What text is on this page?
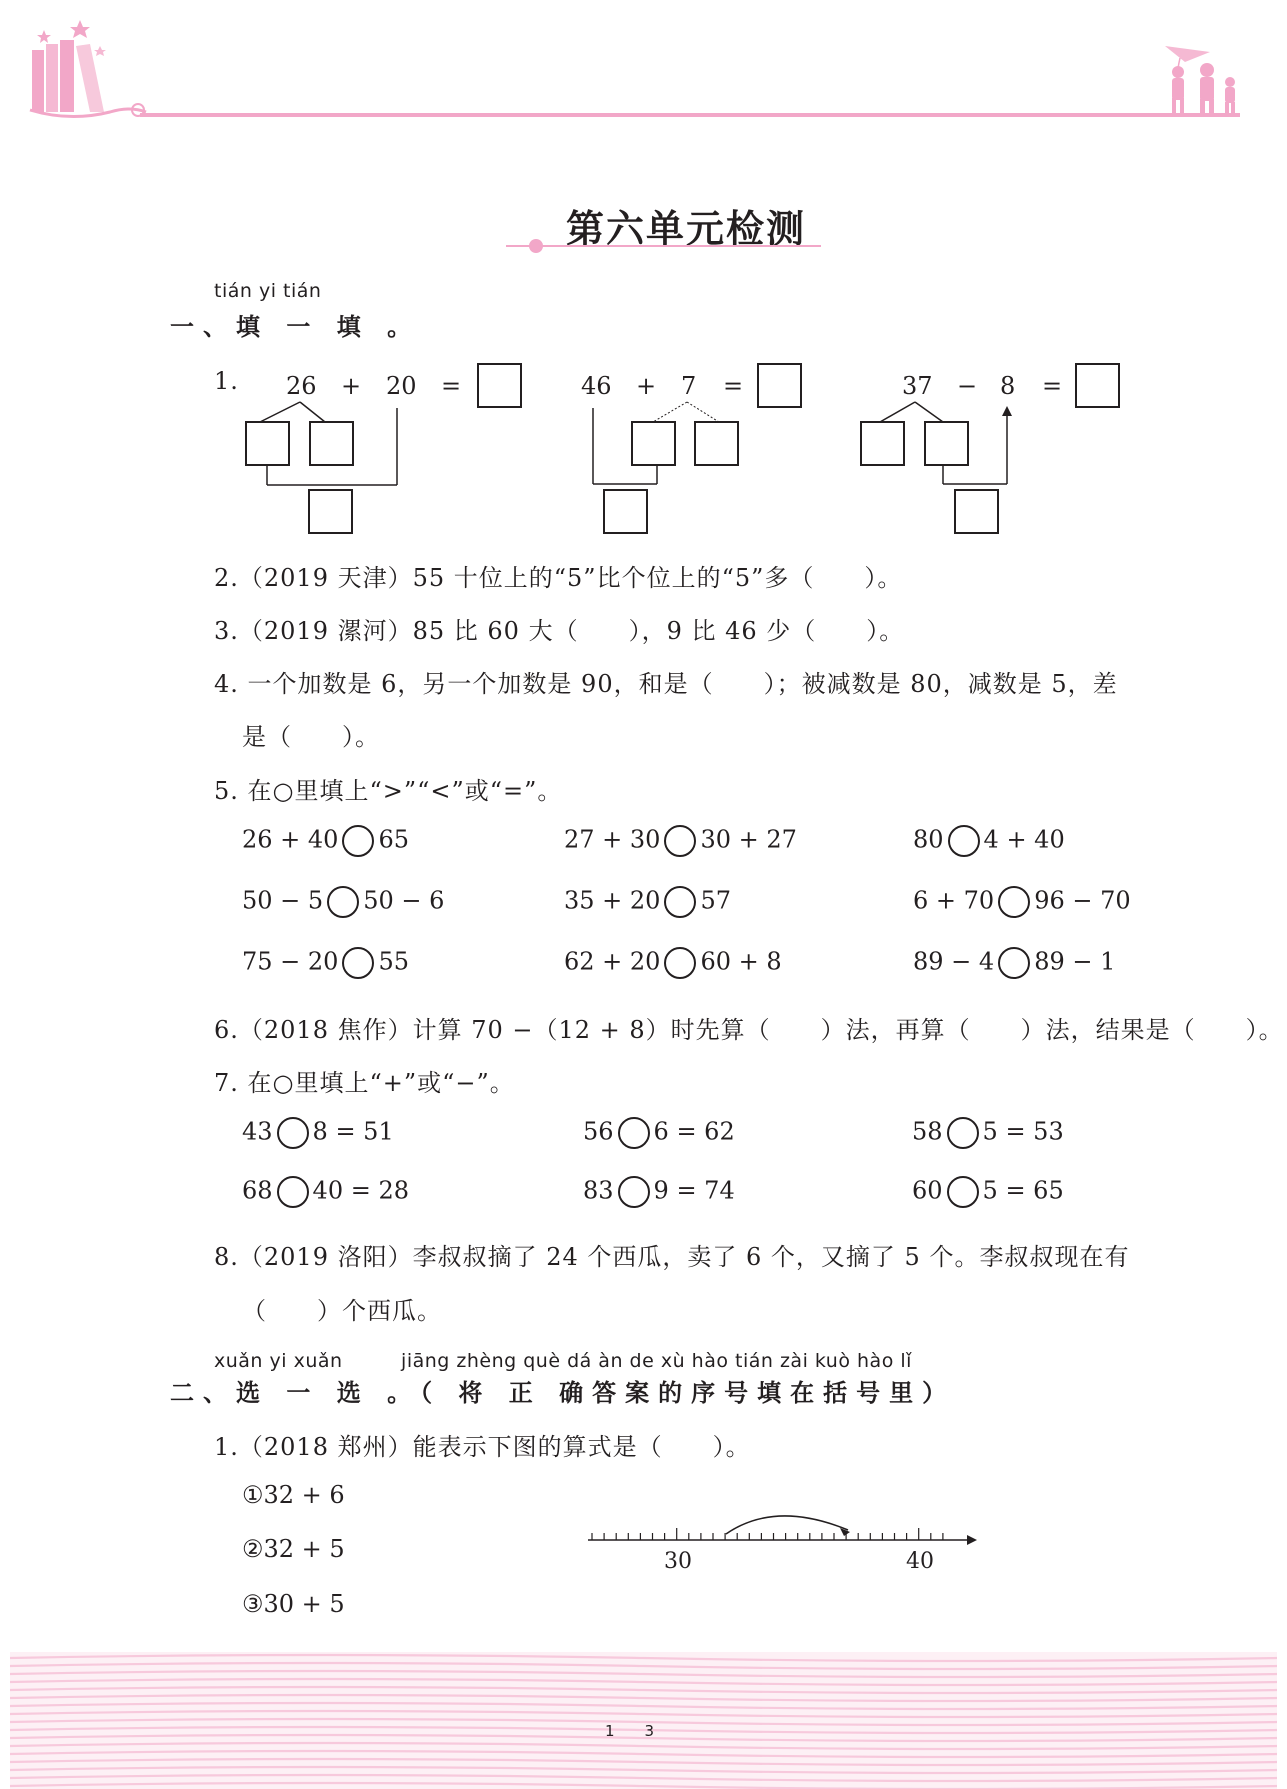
第六单元检测
tián yi tián
一、填 一 填 。
1. 26 + 20 =	46 + 7 =	37 − 8 =
2.（2019 天津）55 十位上的“5”比个位上的“5”多（　　）。
3.（2019 漯河）85 比 60 大（　　），9 比 46 少（　　）。
4. 一个加数是 6，另一个加数是 90，和是（　　）；被减数是 80，减数是 5，差
是（　　）。
5. 在○里填上“>”“<”或“=”。
26 + 40 65	27 + 30 30 + 27	80 4 + 40
50 − 5 50 − 6	35 + 20 57	6 + 70 96 − 70
75 − 20 55	62 + 20 60 + 8	89 − 4 89 − 1
6.（2018 焦作）计算 70 −（12 + 8）时先算（　　）法，再算（　　）法，结果是（　　）。
7. 在○里填上“+”或“−”。
43 8 = 51	56 6 = 62	58 5 = 53
68 40 = 28	83 9 = 74	60 5 = 65
8.（2019 洛阳）李叔叔摘了 24 个西瓜，卖了 6 个，又摘了 5 个。李叔叔现在有
（　　）个西瓜。
xuǎn yi xuǎn　　　jiāng zhèng què dá àn de xù hào tián zài kuò hào lǐ
二、选 一 选 。（ 将 正 确答案的序号填在括号里）
1.（2018 郑州）能表示下图的算式是（　　）。
①32 + 6
②32 + 5
③30 + 5
30	40
1　　3
